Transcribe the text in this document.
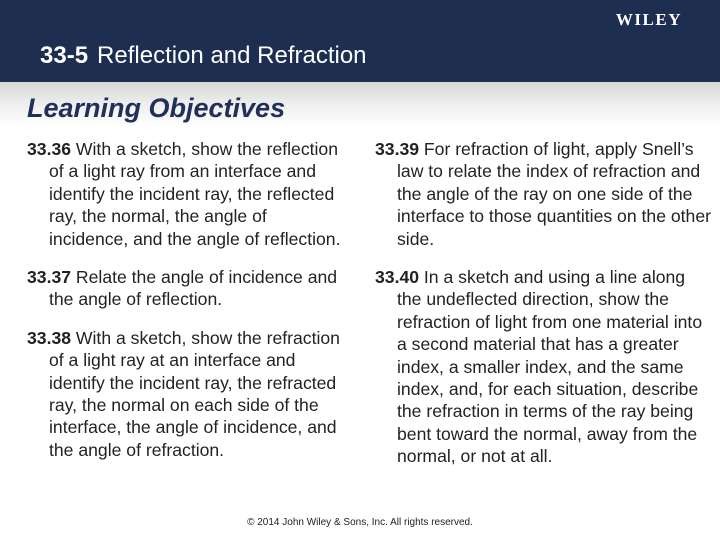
WILEY
33-5 Reflection and Refraction
Learning Objectives
33.36 With a sketch, show the reflection of a light ray from an interface and identify the incident ray, the reflected ray, the normal, the angle of incidence, and the angle of reflection.
33.37 Relate the angle of incidence and the angle of reflection.
33.38 With a sketch, show the refraction of a light ray at an interface and identify the incident ray, the refracted ray, the normal on each side of the interface, the angle of incidence, and the angle of refraction.
33.39 For refraction of light, apply Snell’s law to relate the index of refraction and the angle of the ray on one side of the interface to those quantities on the other side.
33.40 In a sketch and using a line along the undeflected direction, show the refraction of light from one material into a second material that has a greater index, a smaller index, and the same index, and, for each situation, describe the refraction in terms of the ray being bent toward the normal, away from the normal, or not at all.
© 2014 John Wiley & Sons, Inc. All rights reserved.
